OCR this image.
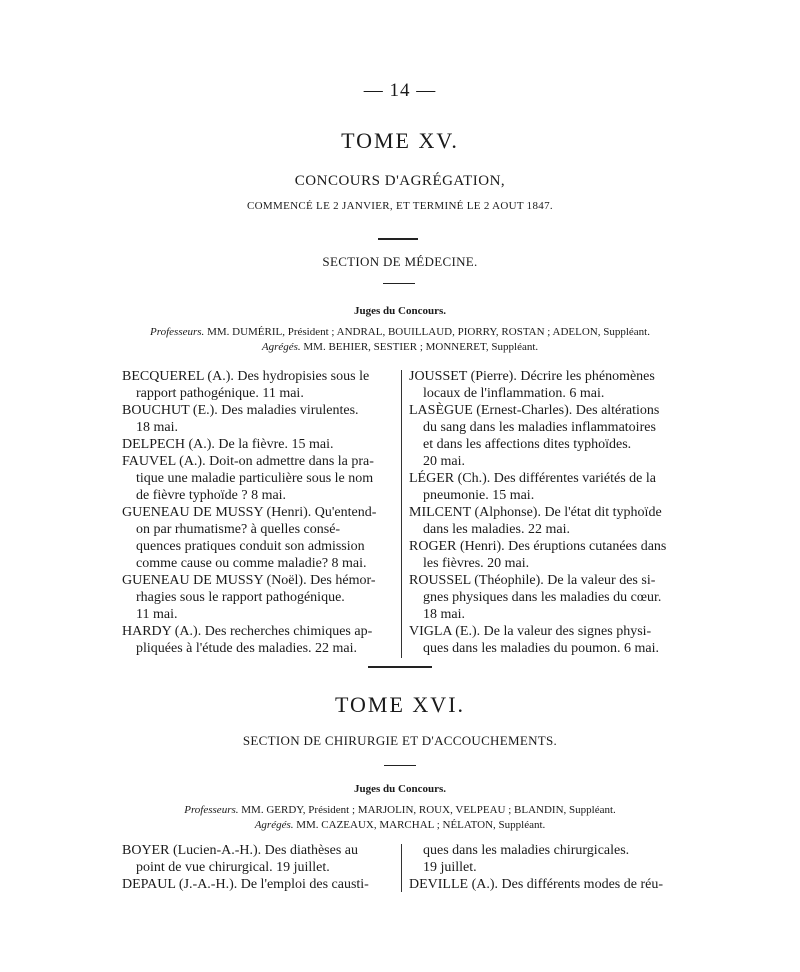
— 14 —
TOME XV.
CONCOURS D'AGRÉGATION,
COMMENCÉ LE 2 JANVIER, ET TERMINÉ LE 2 AOUT 1847.
SECTION DE MÉDECINE.
Juges du Concours.
Professeurs. MM. DUMÉRIL, Président ; ANDRAL, BOUILLAUD, PIORRY, ROSTAN ; ADELON, Suppléant.
Agrégés. MM. BEHIER, SESTIER ; MONNERET, Suppléant.
BECQUEREL (A.). Des hydropisies sous le
rapport pathogénique. 11 mai.
BOUCHUT (E.). Des maladies virulentes.
18 mai.
DELPECH (A.). De la fièvre. 15 mai.
FAUVEL (A.). Doit-on admettre dans la pra-
tique une maladie particulière sous le nom
de fièvre typhoïde ? 8 mai.
GUENEAU DE MUSSY (Henri). Qu'entend-
on par rhumatisme? à quelles consé-
quences pratiques conduit son admission
comme cause ou comme maladie? 8 mai.
GUENEAU DE MUSSY (Noël). Des hémor-
rhagies sous le rapport pathogénique.
11 mai.
HARDY (A.). Des recherches chimiques ap-
pliquées à l'étude des maladies. 22 mai.
JOUSSET (Pierre). Décrire les phénomènes
locaux de l'inflammation. 6 mai.
LASÈGUE (Ernest-Charles). Des altérations
du sang dans les maladies inflammatoires
et dans les affections dites typhoïdes.
20 mai.
LÉGER (Ch.). Des différentes variétés de la
pneumonie. 15 mai.
MILCENT (Alphonse). De l'état dit typhoïde
dans les maladies. 22 mai.
ROGER (Henri). Des éruptions cutanées dans
les fièvres. 20 mai.
ROUSSEL (Théophile). De la valeur des si-
gnes physiques dans les maladies du cœur.
18 mai.
VIGLA (E.). De la valeur des signes physi-
ques dans les maladies du poumon. 6 mai.
TOME XVI.
SECTION DE CHIRURGIE ET D'ACCOUCHEMENTS.
Juges du Concours.
Professeurs. MM. GERDY, Président ; MARJOLIN, ROUX, VELPEAU ; BLANDIN, Suppléant.
Agrégés. MM. CAZEAUX, MARCHAL ; NÉLATON, Suppléant.
BOYER (Lucien-A.-H.). Des diathèses au
point de vue chirurgical. 19 juillet.
DEPAUL (J.-A.-H.). De l'emploi des causti-
ques dans les maladies chirurgicales.
19 juillet.
DEVILLE (A.). Des différents modes de réu-
